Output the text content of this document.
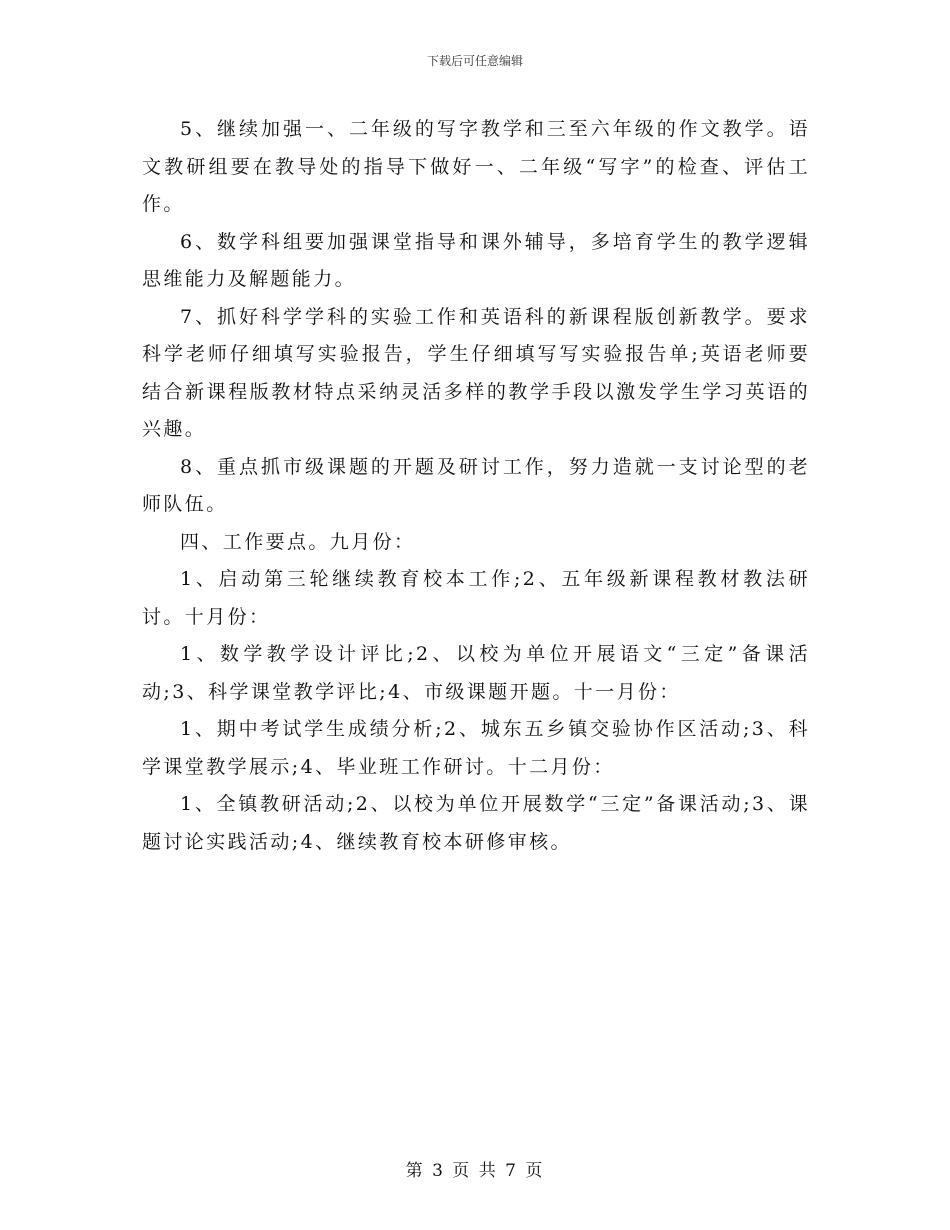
下载后可任意编辑

5、继续加强一、二年级的写字教学和三至六年级的作文教学。语文教研组要在教导处的指导下做好一、二年级“写字”的检查、评估工作。

6、数学科组要加强课堂指导和课外辅导，多培育学生的教学逻辑思维能力及解题能力。

7、抓好科学学科的实验工作和英语科的新课程版创新教学。要求科学老师仔细填写实验报告，学生仔细填写写实验报告单;英语老师要结合新课程版教材特点采纳灵活多样的教学手段以激发学生学习英语的兴趣。

8、重点抓市级课题的开题及研讨工作，努力造就一支讨论型的老师队伍。

四、工作要点。九月份：

1、启动第三轮继续教育校本工作;2、五年级新课程教材教法研讨。十月份：

1、数学教学设计评比;2、以校为单位开展语文“三定”备课活动;3、科学课堂教学评比;4、市级课题开题。十一月份：

1、期中考试学生成绩分析;2、城东五乡镇交验协作区活动;3、科学课堂教学展示;4、毕业班工作研讨。十二月份：

1、全镇教研活动;2、以校为单位开展数学“三定”备课活动;3、课题讨论实践活动;4、继续教育校本研修审核。

第 3 页 共 7 页
